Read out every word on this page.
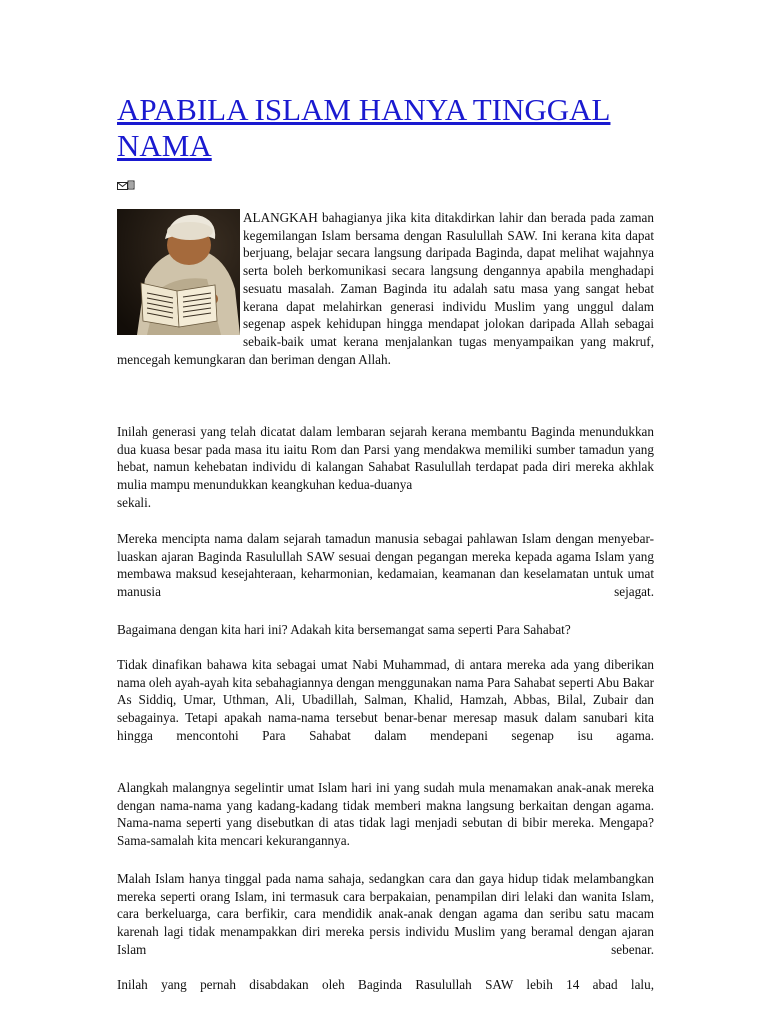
APABILA ISLAM HANYA TINGGAL NAMA

ALANGKAH bahagianya jika kita ditakdirkan lahir dan berada pada zaman kegemilangan Islam bersama dengan Rasulullah SAW. Ini kerana kita dapat berjuang, belajar secara langsung daripada Baginda, dapat melihat wajahnya serta boleh berkomunikasi secara langsung dengannya apabila menghadapi sesuatu masalah. Zaman Baginda itu adalah satu masa yang sangat hebat kerana dapat melahirkan generasi individu Muslim yang unggul dalam segenap aspek kehidupan hingga mendapat jolokan daripada Allah sebagai sebaik-baik umat kerana menjalankan tugas menyampaikan yang makruf, mencegah kemungkaran dan beriman dengan Allah.

Inilah generasi yang telah dicatat dalam lembaran sejarah kerana membantu Baginda menundukkan dua kuasa besar pada masa itu iaitu Rom dan Parsi yang mendakwa memiliki sumber tamadun yang hebat, namun kehebatan individu di kalangan Sahabat Rasulullah terdapat pada diri mereka akhlak mulia mampu menundukkan keangkuhan kedua-duanya
sekali.

Mereka mencipta nama dalam sejarah tamadun manusia sebagai pahlawan Islam dengan menyebar-luaskan ajaran Baginda Rasulullah SAW sesuai dengan pegangan mereka kepada agama Islam yang membawa maksud kesejahteraan, keharmonian, kedamaian, keamanan dan keselamatan untuk umat manusia sejagat.

Bagaimana dengan kita hari ini? Adakah kita bersemangat sama seperti Para Sahabat?

Tidak dinafikan bahawa kita sebagai umat Nabi Muhammad, di antara mereka ada yang diberikan nama oleh ayah-ayah kita sebahagiannya dengan menggunakan nama Para Sahabat seperti Abu Bakar As Siddiq, Umar, Uthman, Ali, Ubadillah, Salman, Khalid, Hamzah, Abbas, Bilal, Zubair dan sebagainya. Tetapi apakah nama-nama tersebut benar-benar meresap masuk dalam sanubari kita hingga mencontohi Para Sahabat dalam mendepani segenap isu agama.

Alangkah malangnya segelintir umat Islam hari ini yang sudah mula menamakan anak-anak mereka dengan nama-nama yang kadang-kadang tidak memberi makna langsung berkaitan dengan agama. Nama-nama seperti yang disebutkan di atas tidak lagi menjadi sebutan di bibir mereka. Mengapa? Sama-samalah kita mencari kekurangannya.

Malah Islam hanya tinggal pada nama sahaja, sedangkan cara dan gaya hidup tidak melambangkan mereka seperti orang Islam, ini termasuk cara berpakaian, penampilan diri lelaki dan wanita Islam, cara berkeluarga, cara berfikir, cara mendidik anak-anak dengan agama dan seribu satu macam karenah lagi tidak menampakkan diri mereka persis individu Muslim yang beramal dengan ajaran Islam sebenar.

Inilah yang pernah disabdakan oleh Baginda Rasulullah SAW lebih 14 abad lalu,
